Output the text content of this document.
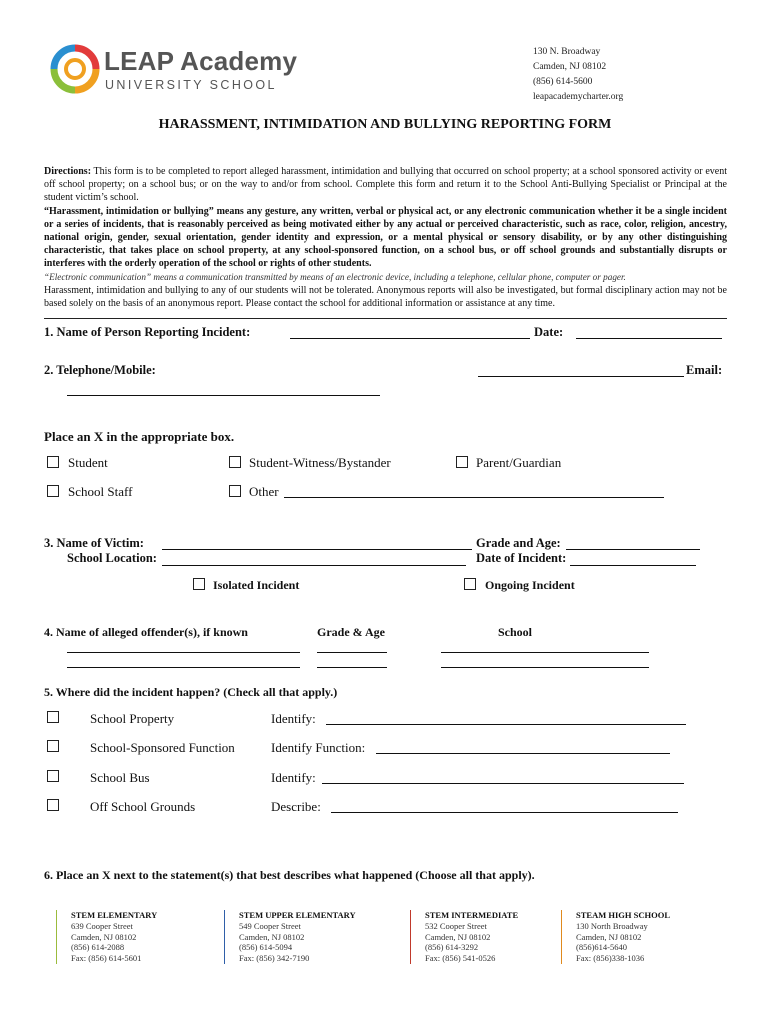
LEAP Academy
UNIVERSITY SCHOOL
130 N. Broadway
Camden, NJ 08102
(856) 614-5600
leapacademycharter.org
HARASSMENT, INTIMIDATION AND BULLYING REPORTING FORM
Directions: This form is to be completed to report alleged harassment, intimidation and bullying that occurred on school property; at a school sponsored activity or event off school property; on a school bus; or on the way to and/or from school. Complete this form and return it to the School Anti-Bullying Specialist or Principal at the student victim’s school.
“Harassment, intimidation or bullying” means any gesture, any written, verbal or physical act, or any electronic communication whether it be a single incident or a series of incidents, that is reasonably perceived as being motivated either by any actual or perceived characteristic, such as race, color, religion, ancestry, national origin, gender, sexual orientation, gender identity and expression, or a mental physical or sensory disability, or by any other distinguishing characteristic, that takes place on school property, at any school-sponsored function, on a school bus, or off school grounds and substantially disrupts or interferes with the orderly operation of the school or rights of other students.
“Electronic communication” means a communication transmitted by means of an electronic device, including a telephone, cellular phone, computer or pager.
Harassment, intimidation and bullying to any of our students will not be tolerated. Anonymous reports will also be investigated, but formal disciplinary action may not be based solely on the basis of an anonymous report. Please contact the school for additional information or assistance at any time.
1. Name of Person Reporting Incident:	Date:
2. Telephone/Mobile:	Email:
Place an X in the appropriate box.
Student	Student-Witness/Bystander	Parent/Guardian
School Staff	Other
3. Name of Victim:	Grade and Age:
School Location:	Date of Incident:
Isolated Incident	Ongoing Incident
4. Name of alleged offender(s), if known	Grade & Age	School
5. Where did the incident happen? (Check all that apply.)
School Property	Identify:
School-Sponsored Function	Identify Function:
School Bus	Identify:
Off School Grounds	Describe:
6. Place an X next to the statement(s) that best describes what happened (Choose all that apply).
STEM ELEMENTARY
639 Cooper Street
Camden, NJ 08102
(856) 614-2088
Fax: (856) 614-5601
STEM UPPER ELEMENTARY
549 Cooper Street
Camden, NJ 08102
(856) 614-5094
Fax: (856) 342-7190
STEM INTERMEDIATE
532 Cooper Street
Camden, NJ 08102
(856) 614-3292
Fax: (856) 541-0526
STEAM HIGH SCHOOL
130 North Broadway
Camden, NJ 08102
(856)614-5640
Fax: (856)338-1036
